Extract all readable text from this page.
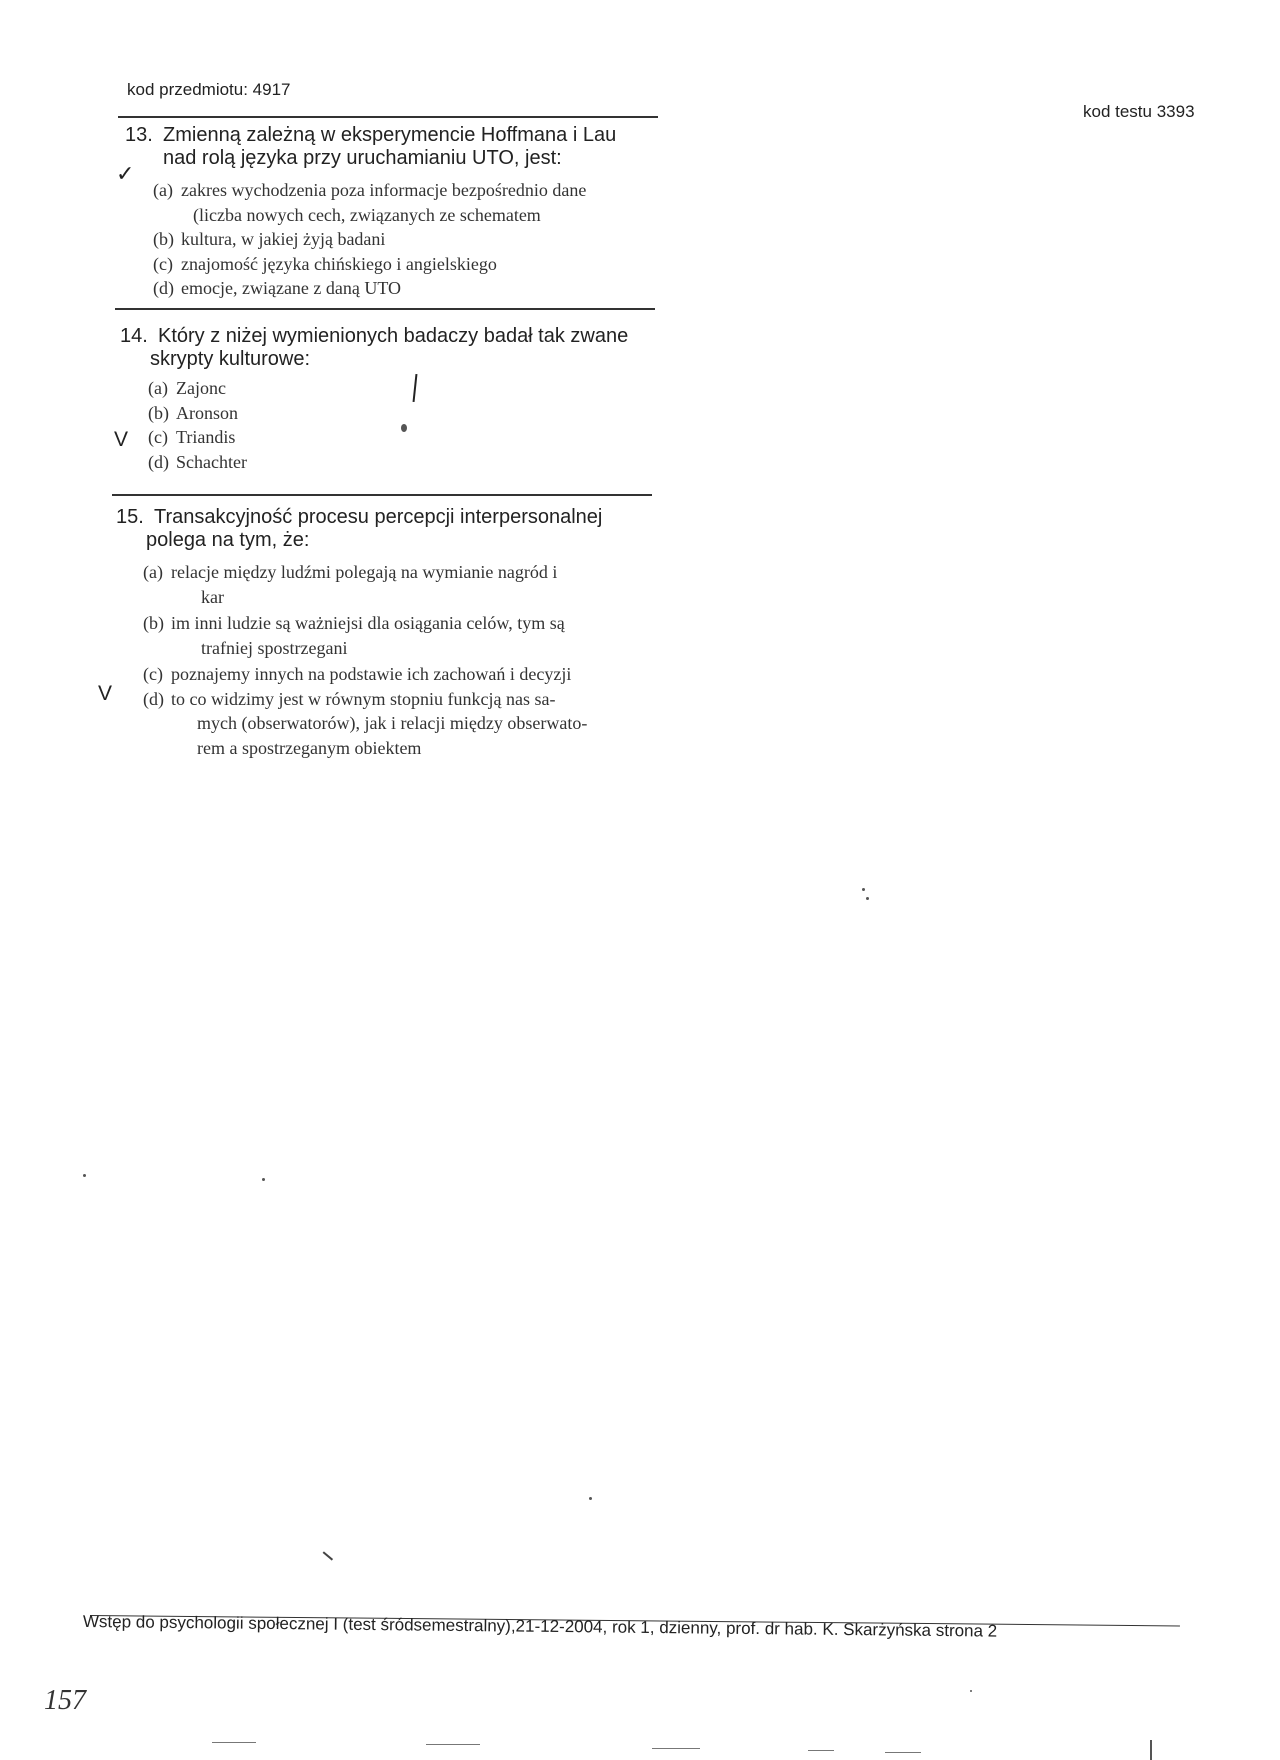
kod przedmiotu: 4917
kod testu 3393
13. Zmienną zależną w eksperymencie Hoffmana i Lau
nad rolą języka przy uruchamianiu UTO, jest:
✓
(a) zakres wychodzenia poza informacje bezpośrednio dane
(liczba nowych cech, związanych ze schematem
(b) kultura, w jakiej żyją badani
(c) znajomość języka chińskiego i angielskiego
(d) emocje, związane z daną UTO
14. Który z niżej wymienionych badaczy badał tak zwane
skrypty kulturowe:
(a) Zajonc
(b) Aronson
(c) Triandis
(d) Schachter
V
15. Transakcyjność procesu percepcji interpersonalnej
polega na tym, że:
(a) relacje między ludźmi polegają na wymianie nagród i
kar
(b) im inni ludzie są ważniejsi dla osiągania celów, tym są
trafniej spostrzegani
(c) poznajemy innych na podstawie ich zachowań i decyzji
(d) to co widzimy jest w równym stopniu funkcją nas sa-
mych (obserwatorów), jak i relacji między obserwato-
rem a spostrzeganym obiektem
V
Wstęp do psychologii społecznej I (test śródsemestralny),21-12-2004, rok 1, dzienny, prof. dr hab. K. Skarżyńska strona 2
157
